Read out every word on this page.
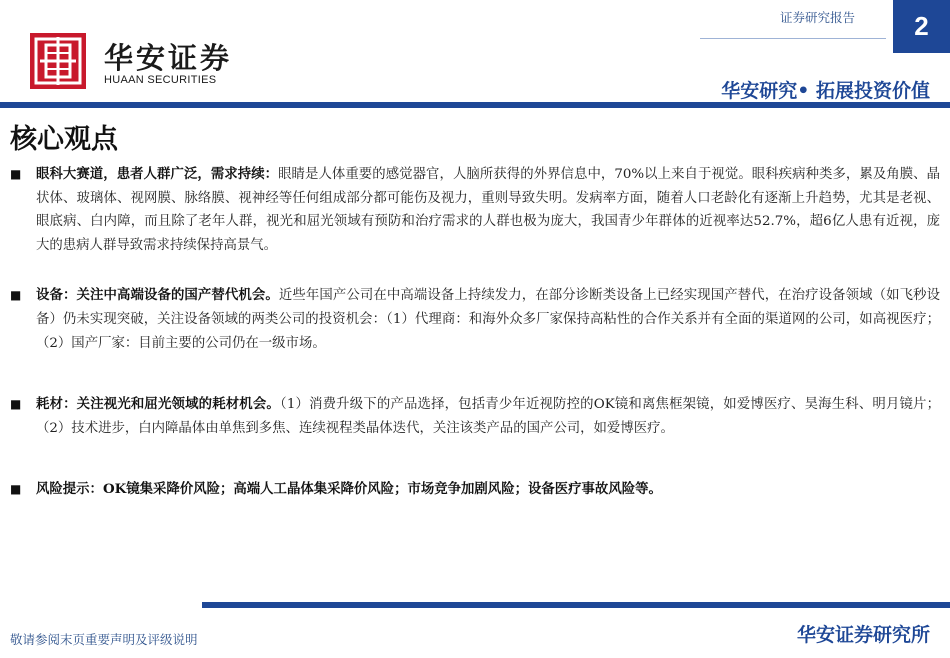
华安证券
HUAAN SECURITIES
证券研究报告 2
华安研究• 拓展投资价值
核心观点
■	眼科大赛道，患者人群广泛，需求持续：眼睛是人体重要的感觉器官，人脑所获得的外界信息中，70%以上来自于视觉。眼科疾病种类多，累及角膜、晶状体、玻璃体、视网膜、脉络膜、视神经等任何组成部分都可能伤及视力，重则导致失明。发病率方面，随着人口老龄化有逐渐上升趋势，尤其是老视、眼底病、白内障，而且除了老年人群，视光和屈光领域有预防和治疗需求的人群也极为庞大，我国青少年群体的近视率达52.7%，超6亿人患有近视，庞大的患病人群导致需求持续保持高景气。
■	设备：关注中高端设备的国产替代机会。近些年国产公司在中高端设备上持续发力，在部分诊断类设备上已经实现国产替代，在治疗设备领域（如飞秒设备）仍未实现突破，关注设备领域的两类公司的投资机会：（1）代理商：和海外众多厂家保持高粘性的合作关系并有全面的渠道网的公司，如高视医疗；（2）国产厂家：目前主要的公司仍在一级市场。
■	耗材：关注视光和屈光领域的耗材机会。（1）消费升级下的产品选择，包括青少年近视防控的OK镜和离焦框架镜，如爱博医疗、昊海生科、明月镜片；（2）技术进步，白内障晶体由单焦到多焦、连续视程类晶体迭代，关注该类产品的国产公司，如爱博医疗。
■	风险提示：OK镜集采降价风险；高端人工晶体集采降价风险；市场竞争加剧风险；设备医疗事故风险等。
敬请参阅末页重要声明及评级说明	华安证券研究所
